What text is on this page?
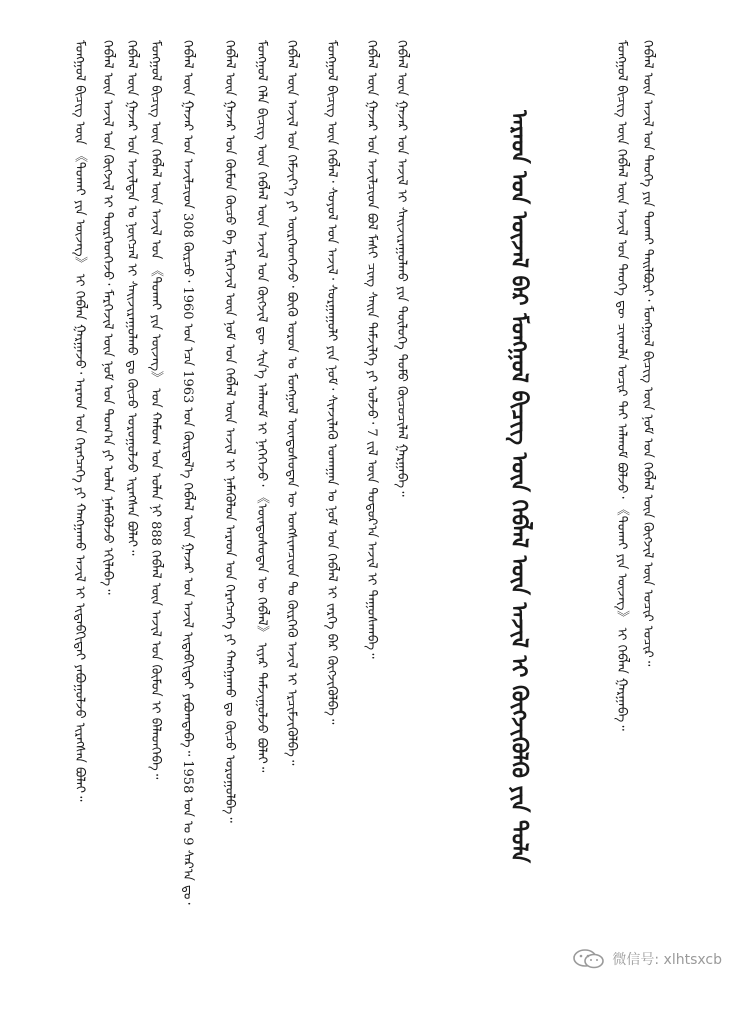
ᠠᠷᠠᠳ ᠤᠨ ᠦᠵᠡᠯ ᠪᠠᠷ ᠮᠤᠩᠭᠤᠯ ᠪᠢᠴᠢᠭ ᠦᠨ ᠬᠡᠪᠯᠡᠯ ᠦᠨ ᠠᠵᠢᠯ ᠢ ᠬᠥᠭᠵᠢᠭᠦᠯᠬᠦ ᠶᠢᠨ ᠲᠤᠯᠠ
ᠮᠤᠩᠭᠤᠯ ᠪᠢᠴᠢᠭ ᠦᠨ 《ᠲᠤᠬᠠᠢ ᠶᠢᠨ ᠦᠵᠡᠭ》 ᠢ ᠬᠡᠪᠯᠡᠨ ᠭᠠᠷᠭᠠᠵᠤ᠂ ᠠᠷᠠᠳ ᠤᠨ ᠬᠡᠷᠡᠭᠴᠡᠭᠡ ᠶᠢ ᠬᠠᠩᠭᠠᠬᠤ ᠠᠵᠢᠯ ᠢ ᠢᠳᠡᠪᠬᠢᠲᠡᠶ ᠶᠠᠪᠤᠭᠤᠯᠵᠤ ᠢᠷᠡᠭᠰᠡᠨ ᠪᠣᠯᠠᠢ᠃ ᠬᠡᠪᠯᠡᠯ ᠦᠨ ᠠᠵᠢᠯ ᠤᠨ ᠬᠥᠭᠵᠢᠯ ᠢ ᠲᠦᠷᠭᠡᠳᠬᠡᠵᠦ᠂ ᠮᠡᠷᠭᠡᠵᠢᠯ ᠦᠨ ᠨᠣᠮ ᠤᠨ ᠲᠣᠭ᠎ᠠ ᠶᠢ ᠣᠯᠠᠨ ᠨᠡᠮᠡᠭᠦᠯᠵᠦ ᠡᠬᠢᠯᠡᠪᠡ᠃ ᠬᠡᠪᠯᠡᠯ ᠦᠨ ᠭᠠᠵᠠᠷ ᠤᠨ ᠠᠵᠢᠯᠳᠠᠨ ᠤ ᠨᠥᠭᠴᠡᠯ ᠢ ᠰᠠᠢᠵᠢᠷᠠᠭᠤᠯᠬᠤ ᠳᠤ ᠬᠦᠴᠦ ᠣᠷᠤᠭᠤᠯᠵᠤ ᠢᠷᠡᠭᠰᠡᠨ ᠪᠣᠯᠠᠢ᠃ ᠮᠤᠩᠭᠤᠯ ᠪᠢᠴᠢᠭ ᠦᠨ ᠬᠡᠪᠯᠡᠯ ᠦᠨ ᠠᠵᠢᠯ ᠤᠨ 《ᠲᠤᠬᠠᠢ ᠶᠢᠨ ᠦᠵᠡᠭ》 ᠤᠨ ᠬᠠᠮᠤᠭ ᠤᠨ ᠣᠯᠠᠨ ᠨᠢ 888 ᠬᠡᠪᠯᠡᠯ ᠦᠨ ᠠᠵᠢᠯ ᠤᠨ ᠬᠦᠮᠦᠨ ᠢ ᠪᠡᠯᠡᠳᠬᠡᠪᠡ᠃ ᠬᠡᠪᠯᠡᠯ ᠦᠨ ᠭᠠᠵᠠᠷ ᠤᠨ ᠠᠵᠢᠯᠴᠢᠳ 308 ᠬᠦᠷᠴᠦ᠂ 1960 ᠣᠨ ᠡᠴᠡ 1963 ᠣᠨ ᠬᠦᠷᠲᠡᠯ᠎ᠡ ᠬᠡᠪᠯᠡᠯ ᠦᠨ ᠭᠠᠵᠠᠷ ᠤᠨ ᠠᠵᠢᠯ ᠢᠳᠡᠪᠬᠢᠲᠡᠶ ᠶᠠᠪᠤᠭᠳᠠᠪᠠ᠃ 1958 ᠣᠨ ᠤ 9 ᠰᠠᠷ᠎ᠠ ᠳᠤ᠂ ᠬᠡᠪᠯᠡᠯ ᠦᠨ ᠭᠠᠵᠠᠷ ᠤᠨ ᠬᠦᠮᠦᠨ ᠬᠦᠴᠦ ᠪᠠ ᠮᠡᠷᠭᠡᠵᠢᠯ ᠦᠨ ᠨᠣᠮ ᠤᠨ ᠬᠡᠪᠯᠡᠯ ᠦᠨ ᠠᠵᠢᠯ ᠢ ᠨᠡᠮᠡᠭᠦᠯᠦᠨ ᠠᠷᠠᠳ ᠤᠨ ᠬᠡᠷᠡᠭᠴᠡᠭᠡ ᠶᠢ ᠬᠠᠩᠭᠠᠬᠤ ᠳᠤ ᠬᠦᠴᠦ ᠣᠷᠤᠭᠤᠯᠪᠠ᠃ ᠮᠤᠩᠭᠤᠯ ᠬᠡᠯᠡ ᠪᠢᠴᠢᠭ ᠦᠨ ᠬᠡᠪᠯᠡᠯ ᠦᠨ ᠠᠵᠢᠯ ᠤᠨ ᠬᠥᠭᠵᠢᠯ ᠳᠦ ᠰᠢᠨ᠎ᠡ ᠠᠯᠬᠤᠮ ᠢ ᠨᠡᠭᠡᠭᠡᠵᠦ᠂ 《ᠦᠨᠳᠦᠰᠦᠲᠡᠨ ᠦ ᠬᠡᠪᠯᠡᠯ》 ᠢᠶᠡᠷ ᠳᠠᠮᠵᠢᠭᠤᠯᠵᠤ ᠪᠣᠯᠠᠢ᠃ ᠬᠡᠪᠯᠡᠯ ᠦᠨ ᠠᠵᠢᠯ ᠤᠨ ᠬᠡᠮᠵᠢᠶ᠎ᠡ ᠶᠢ ᠥᠷᠭᠡᠳᠬᠡᠵᠦ᠂ ᠪᠦᠬᠦ ᠣᠷᠤᠨ ᠤ ᠮᠤᠩᠭᠤᠯ ᠦᠨᠳᠦᠰᠦᠲᠡᠨ ᠦ ᠤᠩᠰᠢᠭᠴᠢᠳ ᠲᠤ ᠬᠦᠷᠭᠡᠬᠦ ᠠᠵᠢᠯ ᠢ ᠡᠷᠴᠢᠮᠵᠢᠭᠦᠯᠪᠡ᠃ ᠮᠤᠩᠭᠤᠯ ᠪᠢᠴᠢᠭ ᠦᠨ ᠬᠡᠪᠯᠡᠯ᠂ ᠰᠣᠶᠣᠯ ᠤᠨ ᠠᠵᠢᠯ᠂ ᠰᠤᠷᠭᠠᠭᠤᠯᠢ ᠶᠢᠨ ᠨᠣᠮ᠂ ᠰᠢᠨᠵᠢᠯᠡᠬᠦ ᠤᠬᠠᠭᠠᠨ ᠤ ᠨᠣᠮ ᠤᠨ ᠬᠡᠪᠯᠡᠯ ᠢ ᠵᠡᠷᠭᠡ ᠪᠡᠷ ᠬᠥᠭᠵᠢᠭᠦᠯᠪᠡ᠃ ᠬᠡᠪᠯᠡᠯ ᠦᠨ ᠭᠠᠵᠠᠷ ᠤᠨ ᠠᠵᠢᠯᠴᠢᠳ ᠪᠣᠯ ᠮᠠᠰᠢ ᠴᠢᠩ ᠰᠠᠢᠨ ᠳᠡᠮᠵᠢᠯᠭᠡ ᠶᠢ ᠣᠯᠵᠤ᠂ 7 ᠵᠢᠯ ᠦᠨ ᠳᠣᠲᠣᠷ᠎ᠠ ᠠᠵᠢᠯ ᠢ ᠳᠠᠭᠤᠰᠬᠠᠪᠠ᠃ ᠬᠡᠪᠯᠡᠯ ᠦᠨ ᠭᠠᠵᠠᠷ ᠤᠨ ᠠᠵᠢᠯ ᠢ ᠰᠠᠢᠵᠢᠷᠠᠭᠤᠯᠬᠤ ᠶᠢᠨ ᠲᠥᠯᠥᠭᠡ ᠲᠣᠮᠣ ᠬᠦᠴᠦᠴᠢᠯᠡᠯ ᠭᠠᠷᠭᠠᠪᠠ᠃	ᠮᠤᠩᠭᠤᠯ ᠪᠢᠴᠢᠭ ᠦᠨ ᠬᠡᠪᠯᠡᠯ ᠦᠨ ᠠᠵᠢᠯ ᠤᠨ ᠲᠡᠦᠬᠡ ᠳᠦ ᠴᠢᠬᠤᠯᠠ ᠤᠴᠢᠷ ᠲᠠᠢ ᠠᠯᠬᠤᠮ ᠪᠣᠯᠵᠤ᠂ 《ᠲᠤᠬᠠᠢ ᠶᠢᠨ ᠦᠵᠡᠭ》 ᠢ ᠬᠡᠪᠯᠡᠨ ᠭᠠᠷᠭᠠᠪᠠ᠃ ᠬᠡᠪᠯᠡᠯ ᠦᠨ ᠠᠵᠢᠯ ᠤᠨ ᠲᠡᠦᠬᠡ ᠶᠢᠨ ᠲᠤᠬᠠᠢ ᠲᠠᠢᠯᠪᠤᠷᠢ᠂ ᠮᠤᠩᠭᠤᠯ ᠪᠢᠴᠢᠭ ᠦᠨ ᠨᠣᠮ ᠤᠨ ᠬᠡᠪᠯᠡᠯ ᠦᠨ ᠬᠥᠭᠵᠢᠯ ᠦᠨ ᠣᠴᠢᠷ ᠤᠴᠢᠷ᠃
微信号: xlhtsxcb
